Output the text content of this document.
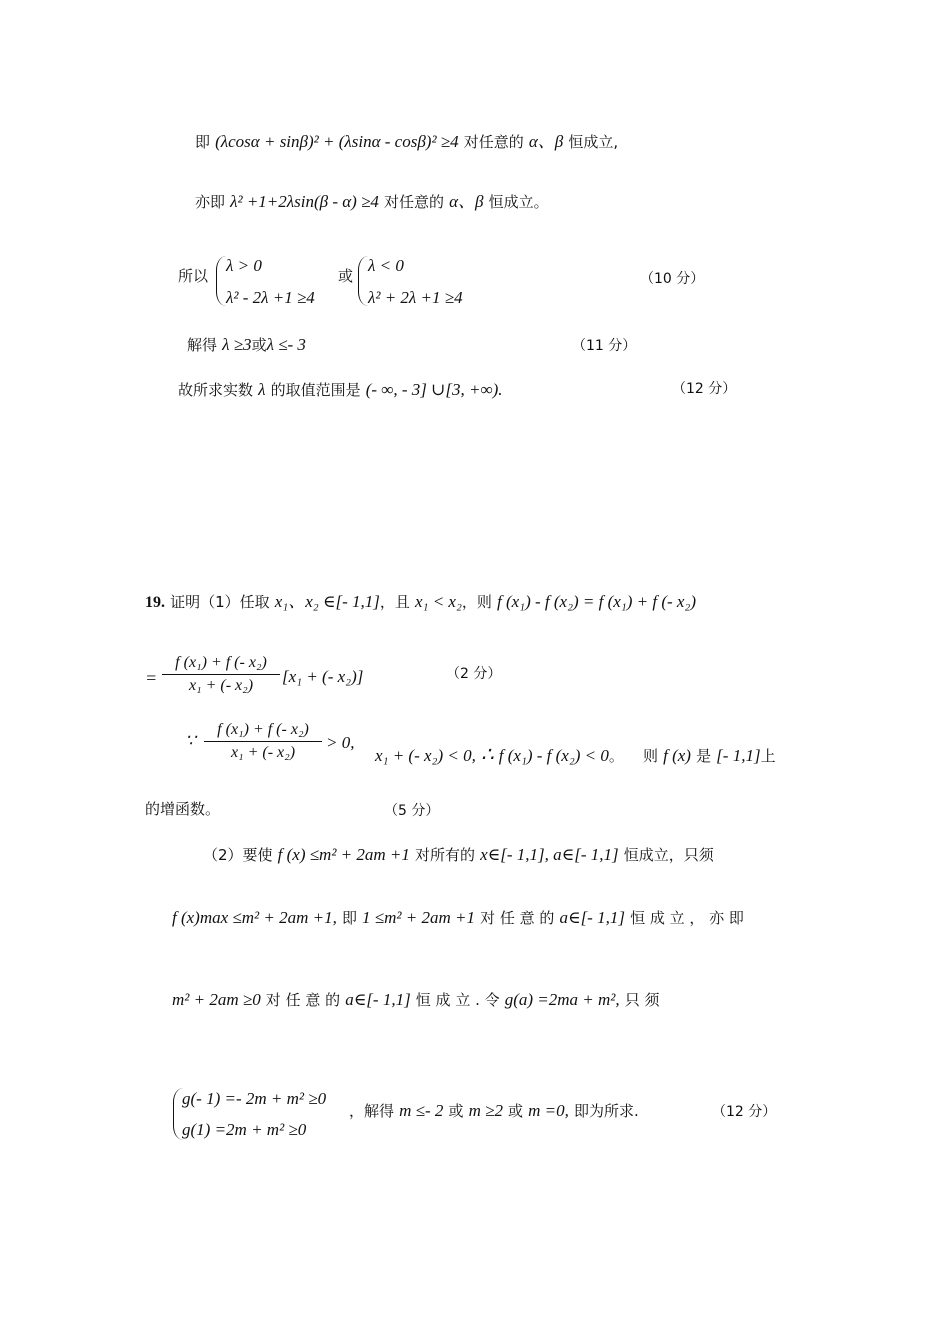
即 (λcosα + sinβ)² + (λsinα - cosβ)² ≥4 对任意的 α、β 恒成立,
亦即 λ² +1+2λsin(β - α) ≥4 对任意的 α、β 恒成立。
所以
λ > 0
λ² - 2λ +1 ≥4
或
λ < 0
λ² + 2λ +1 ≥4
（10 分）
解得 λ ≥3或λ ≤- 3	（11 分）
故所求实数 λ 的取值范围是 (- ∞, - 3] ∪[3, +∞).	（12 分）
19. 证明（1）任取 x₁、x₂ ∈[- 1,1]，且 x₁ < x₂，则 f (x₁) - f (x₂) = f (x₁) + f (- x₂)
=
f (x₁) + f (- x₂)
x₁ + (- x₂)	[x₁ + (- x₂)]	（2 分）
∵
f (x₁) + f (- x₂)
x₁ + (- x₂)
> 0,
x₁ + (- x₂) < 0, ∴ f (x₁) - f (x₂) < 0。 则 f (x) 是 [- 1,1]上
的增函数。	（5 分）
（2）要使 f (x) ≤m² + 2am +1 对所有的 x∈[- 1,1], a∈[- 1,1] 恒成立，只须
f (x)max ≤m² + 2am +1, 即 1 ≤m² + 2am +1 对 任 意 的 a∈[- 1,1] 恒 成 立 ， 亦 即
m² + 2am ≥0 对 任 意 的 a∈[- 1,1] 恒 成 立 . 令 g(a) =2ma + m², 只 须
g(- 1) =- 2m + m² ≥0
g(1) =2m + m² ≥0
，解得 m ≤- 2 或 m ≥2 或 m =0, 即为所求.	（12 分）
